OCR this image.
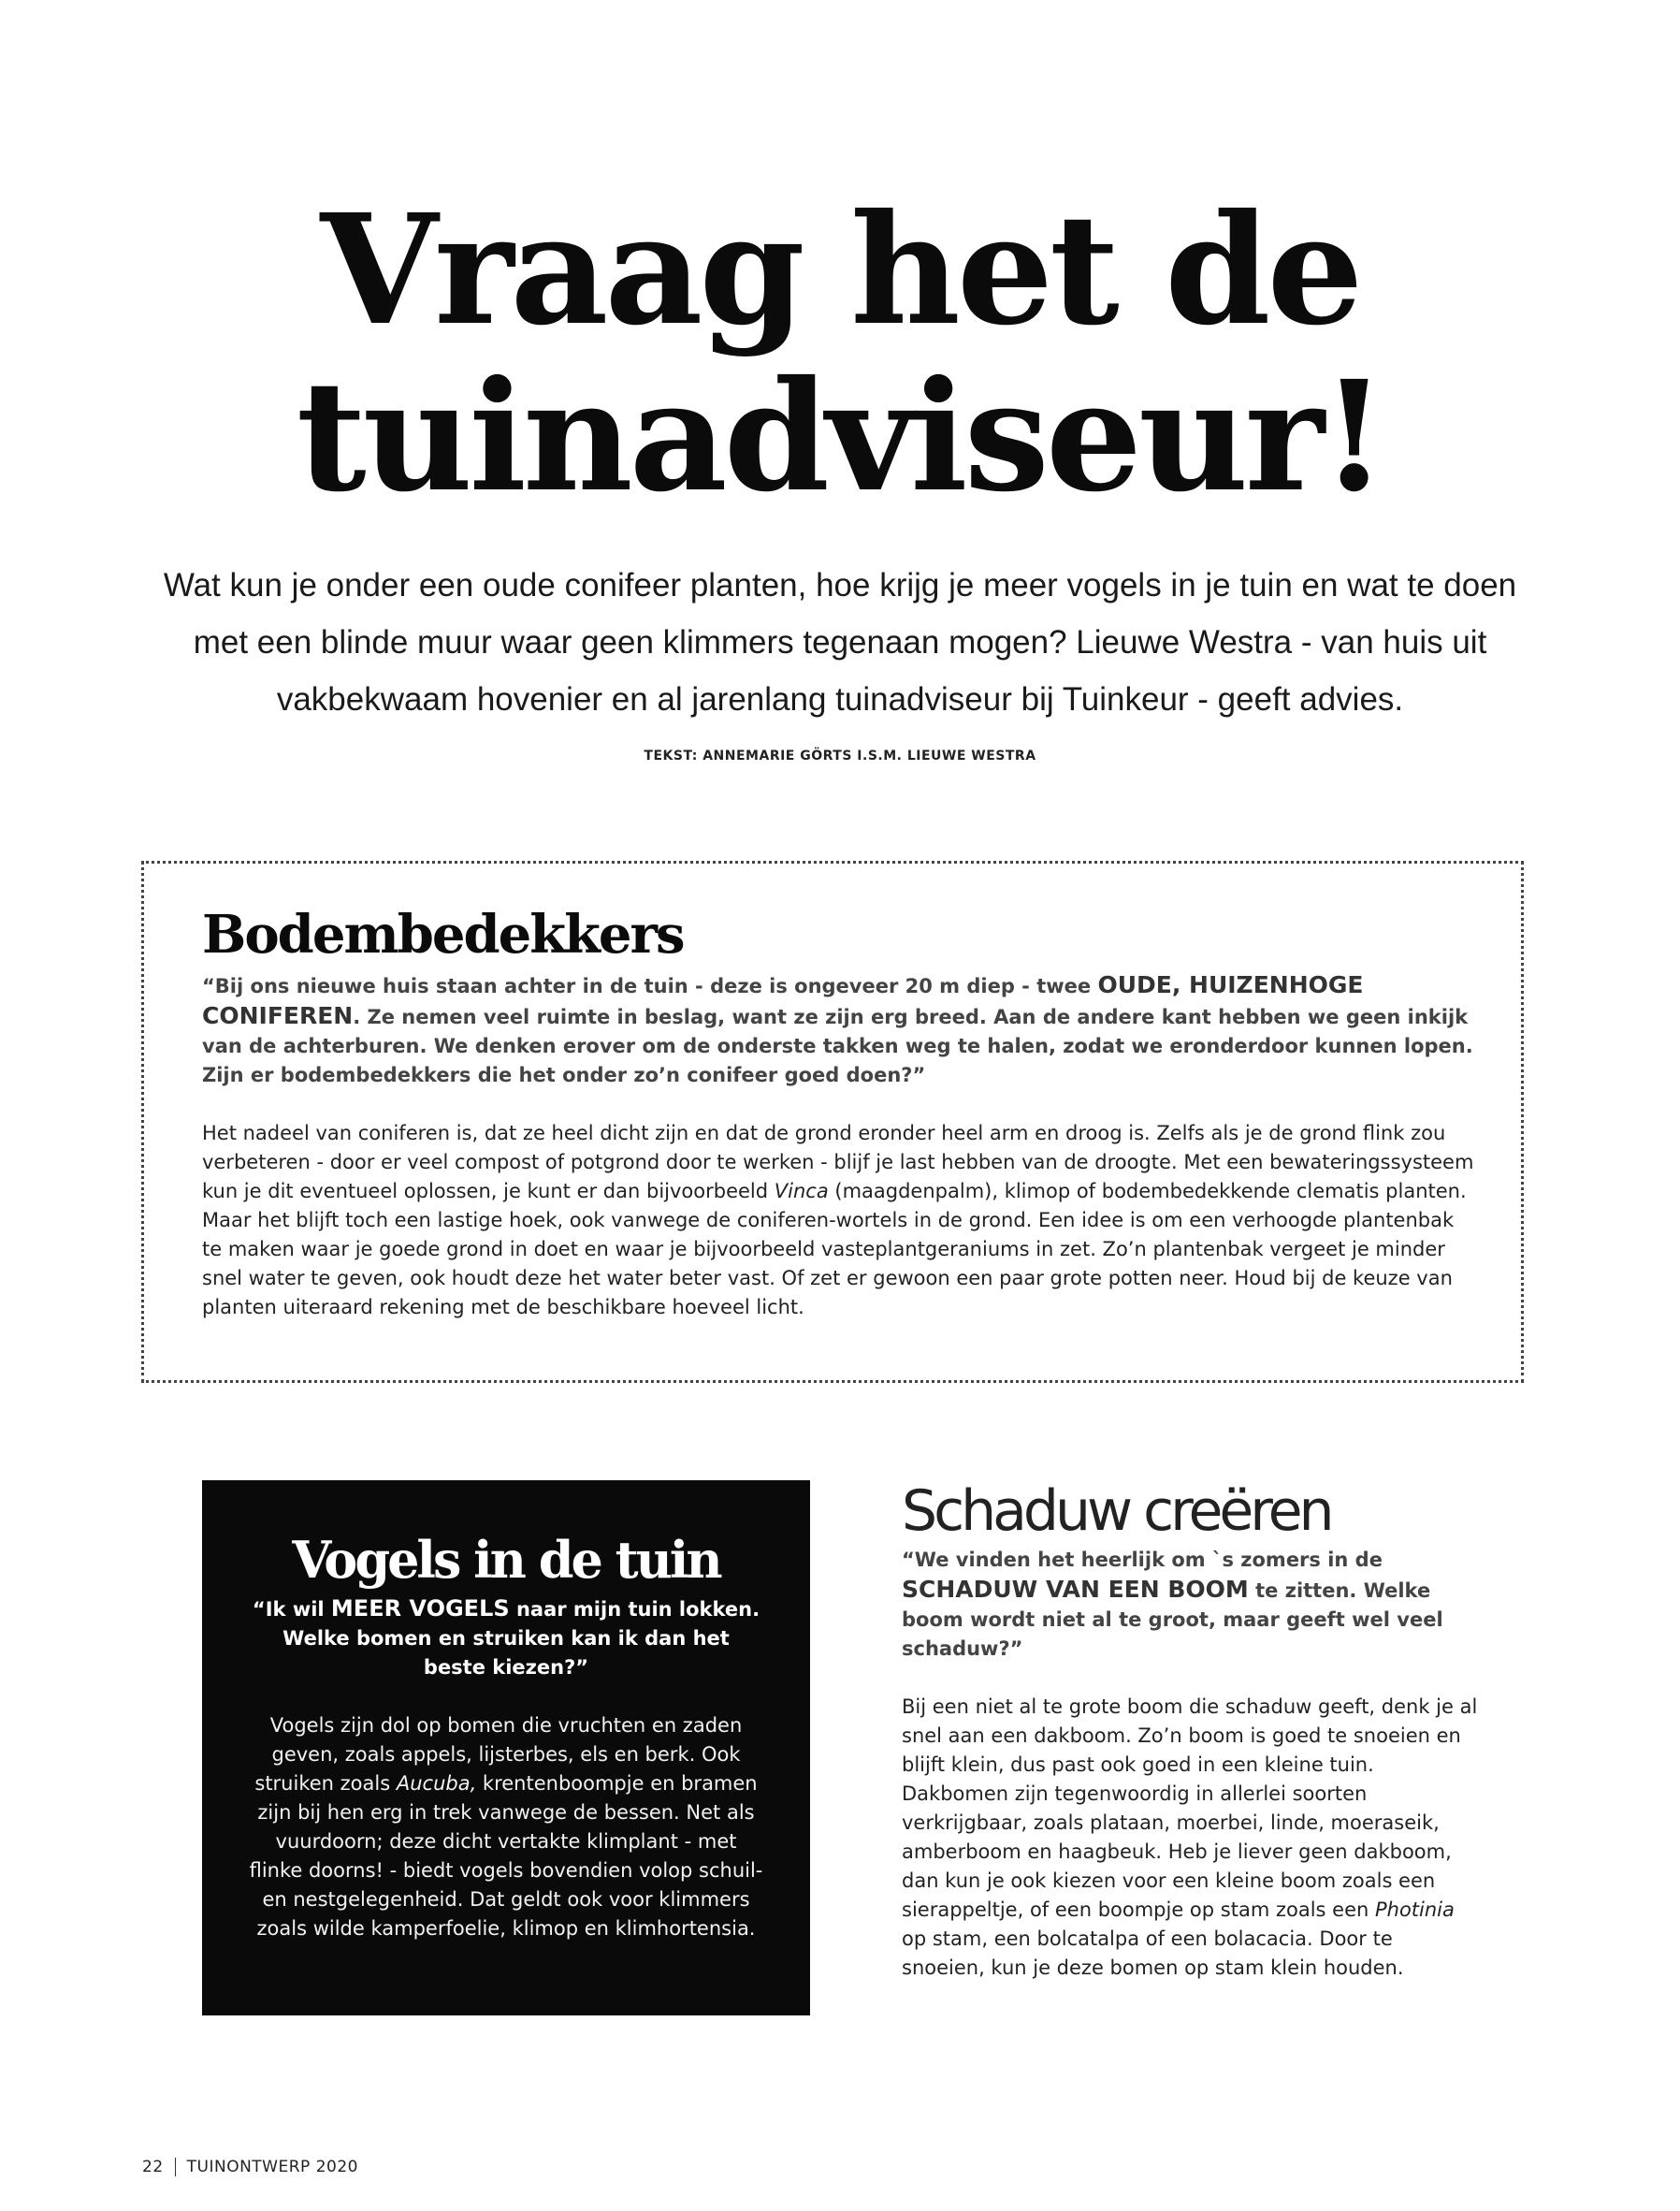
Vraag het de
tuinadviseur!

Wat kun je onder een oude conifeer planten, hoe krijg je meer vogels in je tuin en wat te doen met een blinde muur waar geen klimmers tegenaan mogen? Lieuwe Westra - van huis uit vakbekwaam hovenier en al jarenlang tuinadviseur bij Tuinkeur - geeft advies.

TEKST: ANNEMARIE GÖRTS I.S.M. LIEUWE WESTRA

Bodembedekkers

“Bij ons nieuwe huis staan achter in de tuin - deze is ongeveer 20 m diep - twee OUDE, HUIZENHOGE CONIFEREN. Ze nemen veel ruimte in beslag, want ze zijn erg breed. Aan de andere kant hebben we geen inkijk van de achterburen. We denken erover om de onderste takken weg te halen, zodat we eronderdoor kunnen lopen. Zijn er bodembedekkers die het onder zo’n conifeer goed doen?”

Het nadeel van coniferen is, dat ze heel dicht zijn en dat de grond eronder heel arm en droog is. Zelfs als je de grond flink zou verbeteren - door er veel compost of potgrond door te werken - blijf je last hebben van de droogte. Met een bewateringssysteem kun je dit eventueel oplossen, je kunt er dan bijvoorbeeld Vinca (maagdenpalm), klimop of bodembedekkende clematis planten. Maar het blijft toch een lastige hoek, ook vanwege de coniferen-wortels in de grond. Een idee is om een verhoogde plantenbak te maken waar je goede grond in doet en waar je bijvoorbeeld vasteplantgeraniums in zet. Zo’n plantenbak vergeet je minder snel water te geven, ook houdt deze het water beter vast. Of zet er gewoon een paar grote potten neer. Houd bij de keuze van planten uiteraard rekening met de beschikbare hoeveel licht.

Vogels in de tuin

“Ik wil MEER VOGELS naar mijn tuin lokken. Welke bomen en struiken kan ik dan het beste kiezen?”

Vogels zijn dol op bomen die vruchten en zaden geven, zoals appels, lijsterbes, els en berk. Ook struiken zoals Aucuba, krentenboompje en bramen zijn bij hen erg in trek vanwege de bessen. Net als vuurdoorn; deze dicht vertakte klimplant - met flinke doorns! - biedt vogels bovendien volop schuil- en nestgelegenheid. Dat geldt ook voor klimmers zoals wilde kamperfoelie, klimop en klimhortensia.

Schaduw creëren

“We vinden het heerlijk om `s zomers in de SCHADUW VAN EEN BOOM te zitten. Welke boom wordt niet al te groot, maar geeft wel veel schaduw?”

Bij een niet al te grote boom die schaduw geeft, denk je al snel aan een dakboom. Zo’n boom is goed te snoeien en blijft klein, dus past ook goed in een kleine tuin. Dakbomen zijn tegenwoordig in allerlei soorten verkrijgbaar, zoals plataan, moerbei, linde, moeraseik, amberboom en haagbeuk. Heb je liever geen dakboom, dan kun je ook kiezen voor een kleine boom zoals een sierappeltje, of een boompje op stam zoals een Photinia op stam, een bolcatalpa of een bolacacia. Door te snoeien, kun je deze bomen op stam klein houden.

22 TUINONTWERP 2020
